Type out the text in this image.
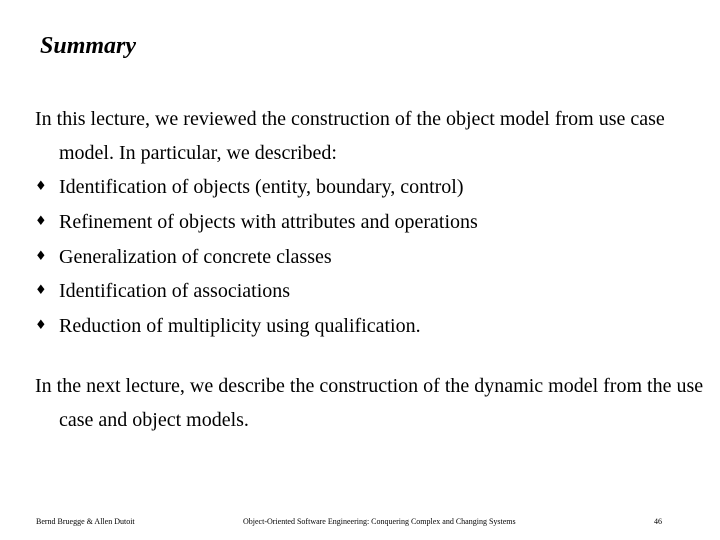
Summary
In this lecture, we reviewed the construction of the object model from use case model. In particular, we described:
♦ Identification of objects (entity, boundary, control)
♦ Refinement of objects with attributes and operations
♦ Generalization of concrete classes
♦ Identification of associations
♦ Reduction of multiplicity using qualification.
In the next lecture, we describe the construction of the dynamic model from the use case and object models.
Bernd Bruegge & Allen Dutoit	Object-Oriented Software Engineering: Conquering Complex and Changing Systems	46
